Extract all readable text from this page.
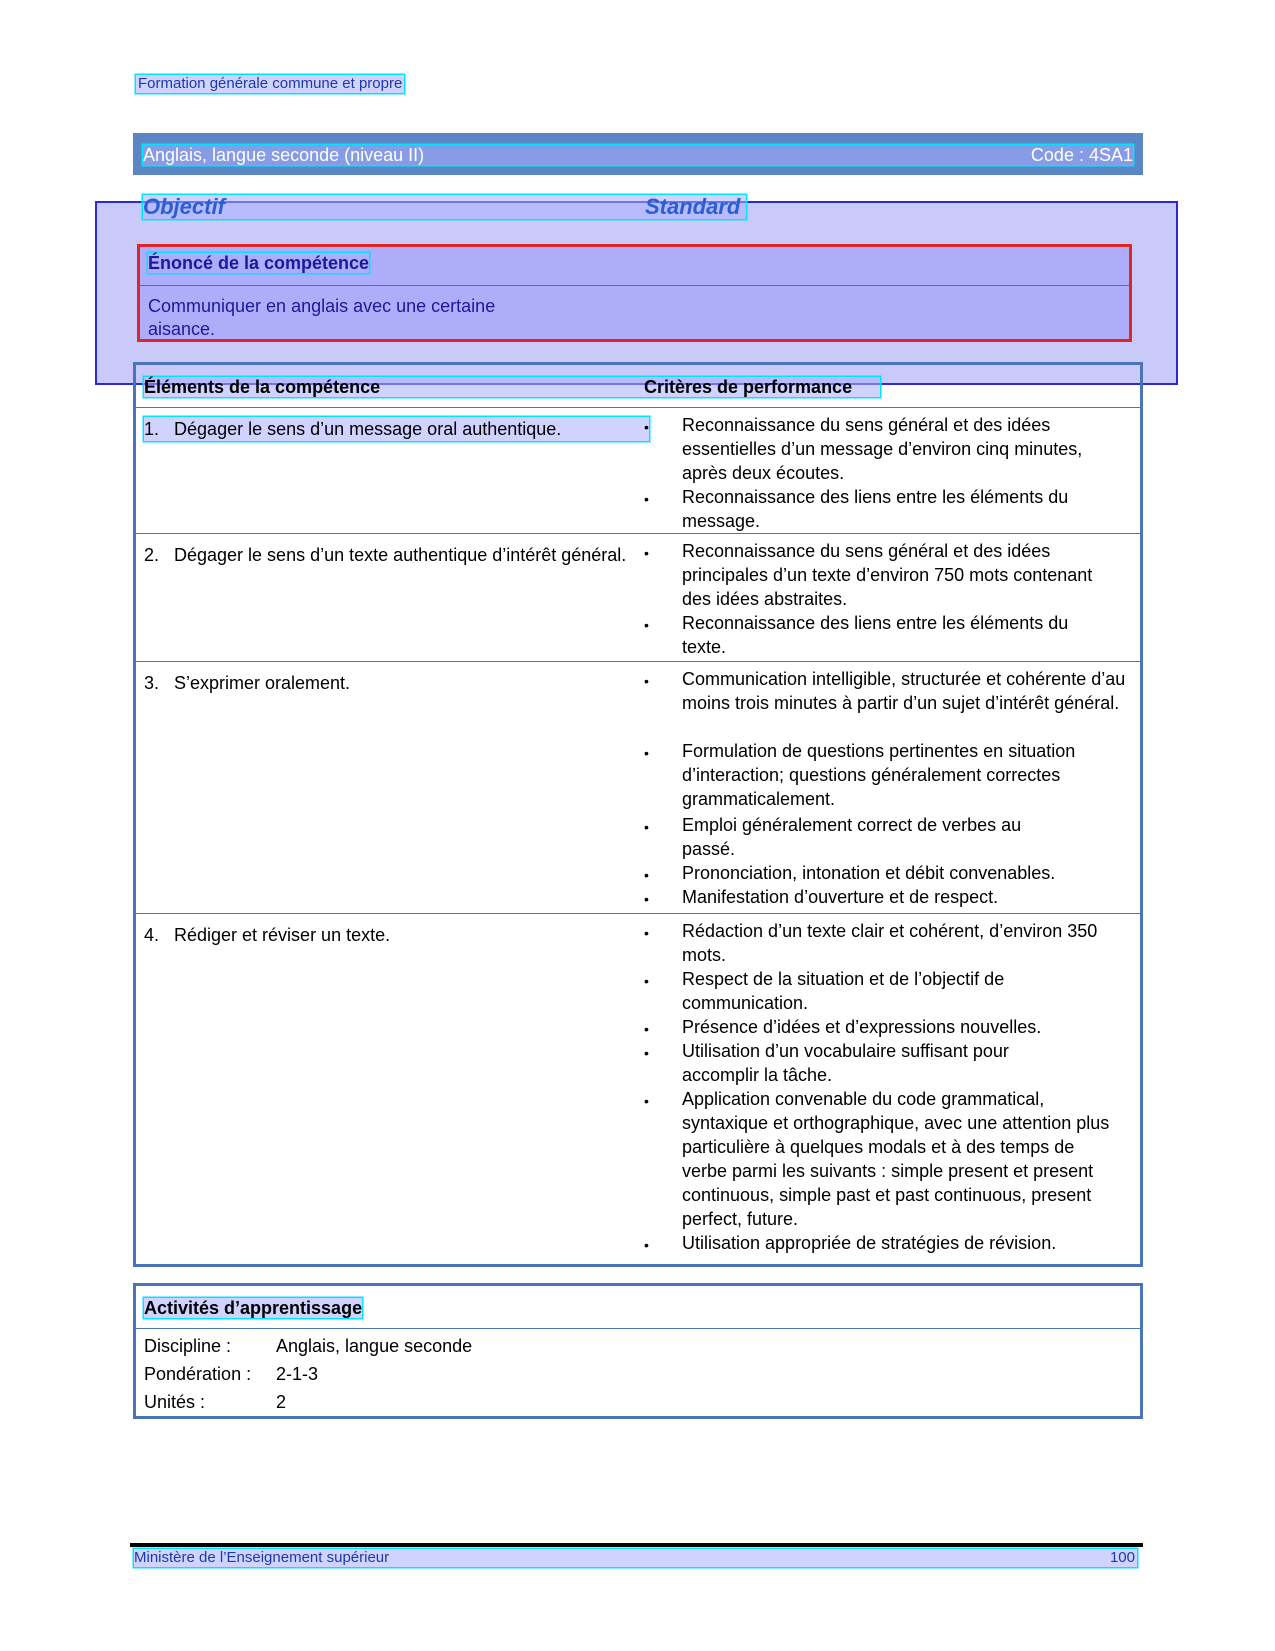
Formation générale commune et propre
Anglais, langue seconde (niveau II)	Code : 4SA1
Objectif	Standard
Énoncé de la compétence
Communiquer en anglais avec une certaine aisance.
Éléments de la compétence	Critères de performance
1. Dégager le sens d’un message oral authentique.	• Reconnaissance du sens général et des idées essentielles d’un message d’environ cinq minutes, après deux écoutes.
• Reconnaissance des liens entre les éléments du message.
2. Dégager le sens d’un texte authentique d’intérêt général. • Reconnaissance du sens général et des idées principales d’un texte d’environ 750 mots contenant des idées abstraites.
• Reconnaissance des liens entre les éléments du texte.
3. S’exprimer oralement.	• Communication intelligible, structurée et cohérente d’au moins trois minutes à partir d’un sujet d’intérêt général.
• Formulation de questions pertinentes en situation d’interaction; questions généralement correctes grammaticalement.
• Emploi généralement correct de verbes au passé.
• Prononciation, intonation et débit convenables.
• Manifestation d’ouverture et de respect.
4. Rédiger et réviser un texte.	• Rédaction d’un texte clair et cohérent, d’environ 350 mots.
• Respect de la situation et de l’objectif de communication.
• Présence d’idées et d’expressions nouvelles.
• Utilisation d’un vocabulaire suffisant pour accomplir la tâche.
• Application convenable du code grammatical, syntaxique et orthographique, avec une attention plus particulière à quelques modals et à des temps de verbe parmi les suivants : simple present et present continuous, simple past et past continuous, present perfect, future.
• Utilisation appropriée de stratégies de révision.
Activités d’apprentissage
Discipline : Anglais, langue seconde
Pondération : 2-1-3
Unités :	2
Ministère de l’Enseignement supérieur	100
